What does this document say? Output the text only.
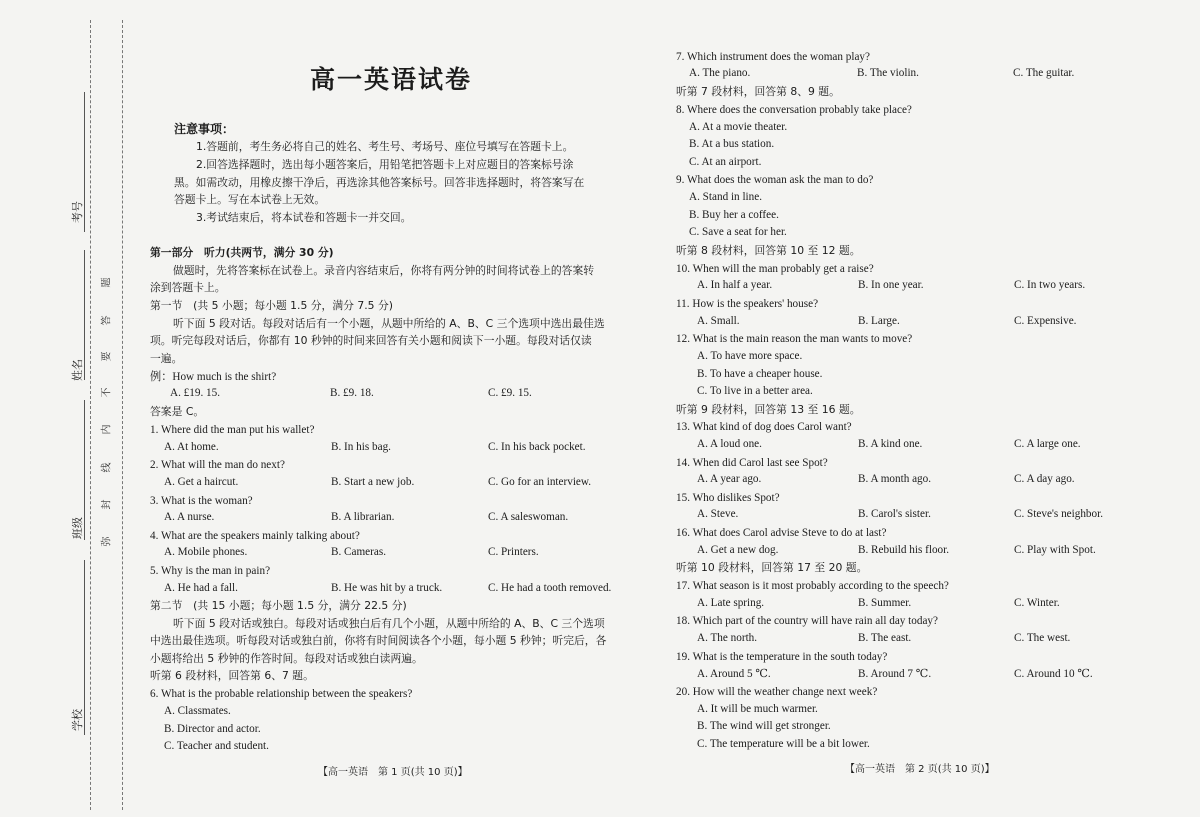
考号
姓名
班级
学校
题
答
要
不
内
线
封
弥
高一英语试卷
注意事项：
1.答题前，考生务必将自己的姓名、考生号、考场号、座位号填写在答题卡上。
2.回答选择题时，选出每小题答案后，用铅笔把答题卡上对应题目的答案标号涂
黑。如需改动，用橡皮擦干净后，再选涂其他答案标号。回答非选择题时，将答案写在
答题卡上。写在本试卷上无效。
3.考试结束后，将本试卷和答题卡一并交回。
第一部分　听力(共两节，满分 30 分)
做题时，先将答案标在试卷上。录音内容结束后，你将有两分钟的时间将试卷上的答案转
涂到答题卡上。
第一节　(共 5 小题；每小题 1.5 分，满分 7.5 分)
听下面 5 段对话。每段对话后有一个小题，从题中所给的 A、B、C 三个选项中选出最佳选
项。听完每段对话后，你都有 10 秒钟的时间来回答有关小题和阅读下一小题。每段对话仅读
一遍。
例：How much is the shirt?
A. £19. 15.	B. £9. 18.	C. £9. 15.
答案是 C。
1. Where did the man put his wallet?
A. At home.	B. In his bag.	C. In his back pocket.
2. What will the man do next?
A. Get a haircut.	B. Start a new job.	C. Go for an interview.
3. What is the woman?
A. A nurse.	B. A librarian.	C. A saleswoman.
4. What are the speakers mainly talking about?
A. Mobile phones.	B. Cameras.	C. Printers.
5. Why is the man in pain?
A. He had a fall.	B. He was hit by a truck.	C. He had a tooth removed.
第二节　(共 15 小题；每小题 1.5 分，满分 22.5 分)
听下面 5 段对话或独白。每段对话或独白后有几个小题，从题中所给的 A、B、C 三个选项
中选出最佳选项。听每段对话或独白前，你将有时间阅读各个小题，每小题 5 秒钟；听完后，各
小题将给出 5 秒钟的作答时间。每段对话或独白读两遍。
听第 6 段材料，回答第 6、7 题。
6. What is the probable relationship between the speakers?
A. Classmates.
B. Director and actor.
C. Teacher and student.
【高一英语　第 1 页(共 10 页)】
7. Which instrument does the woman play?
A. The piano.	B. The violin.	C. The guitar.
听第 7 段材料，回答第 8、9 题。
8. Where does the conversation probably take place?
A. At a movie theater.
B. At a bus station.
C. At an airport.
9. What does the woman ask the man to do?
A. Stand in line.
B. Buy her a coffee.
C. Save a seat for her.
听第 8 段材料，回答第 10 至 12 题。
10. When will the man probably get a raise?
A. In half a year.	B. In one year.	C. In two years.
11. How is the speakers' house?
A. Small.	B. Large.	C. Expensive.
12. What is the main reason the man wants to move?
A. To have more space.
B. To have a cheaper house.
C. To live in a better area.
听第 9 段材料，回答第 13 至 16 题。
13. What kind of dog does Carol want?
A. A loud one.	B. A kind one.	C. A large one.
14. When did Carol last see Spot?
A. A year ago.	B. A month ago.	C. A day ago.
15. Who dislikes Spot?
A. Steve.	B. Carol's sister.	C. Steve's neighbor.
16. What does Carol advise Steve to do at last?
A. Get a new dog.	B. Rebuild his floor.	C. Play with Spot.
听第 10 段材料，回答第 17 至 20 题。
17. What season is it most probably according to the speech?
A. Late spring.	B. Summer.	C. Winter.
18. Which part of the country will have rain all day today?
A. The north.	B. The east.	C. The west.
19. What is the temperature in the south today?
A. Around 5 ℃.	B. Around 7 ℃.	C. Around 10 ℃.
20. How will the weather change next week?
A. It will be much warmer.
B. The wind will get stronger.
C. The temperature will be a bit lower.
【高一英语　第 2 页(共 10 页)】
